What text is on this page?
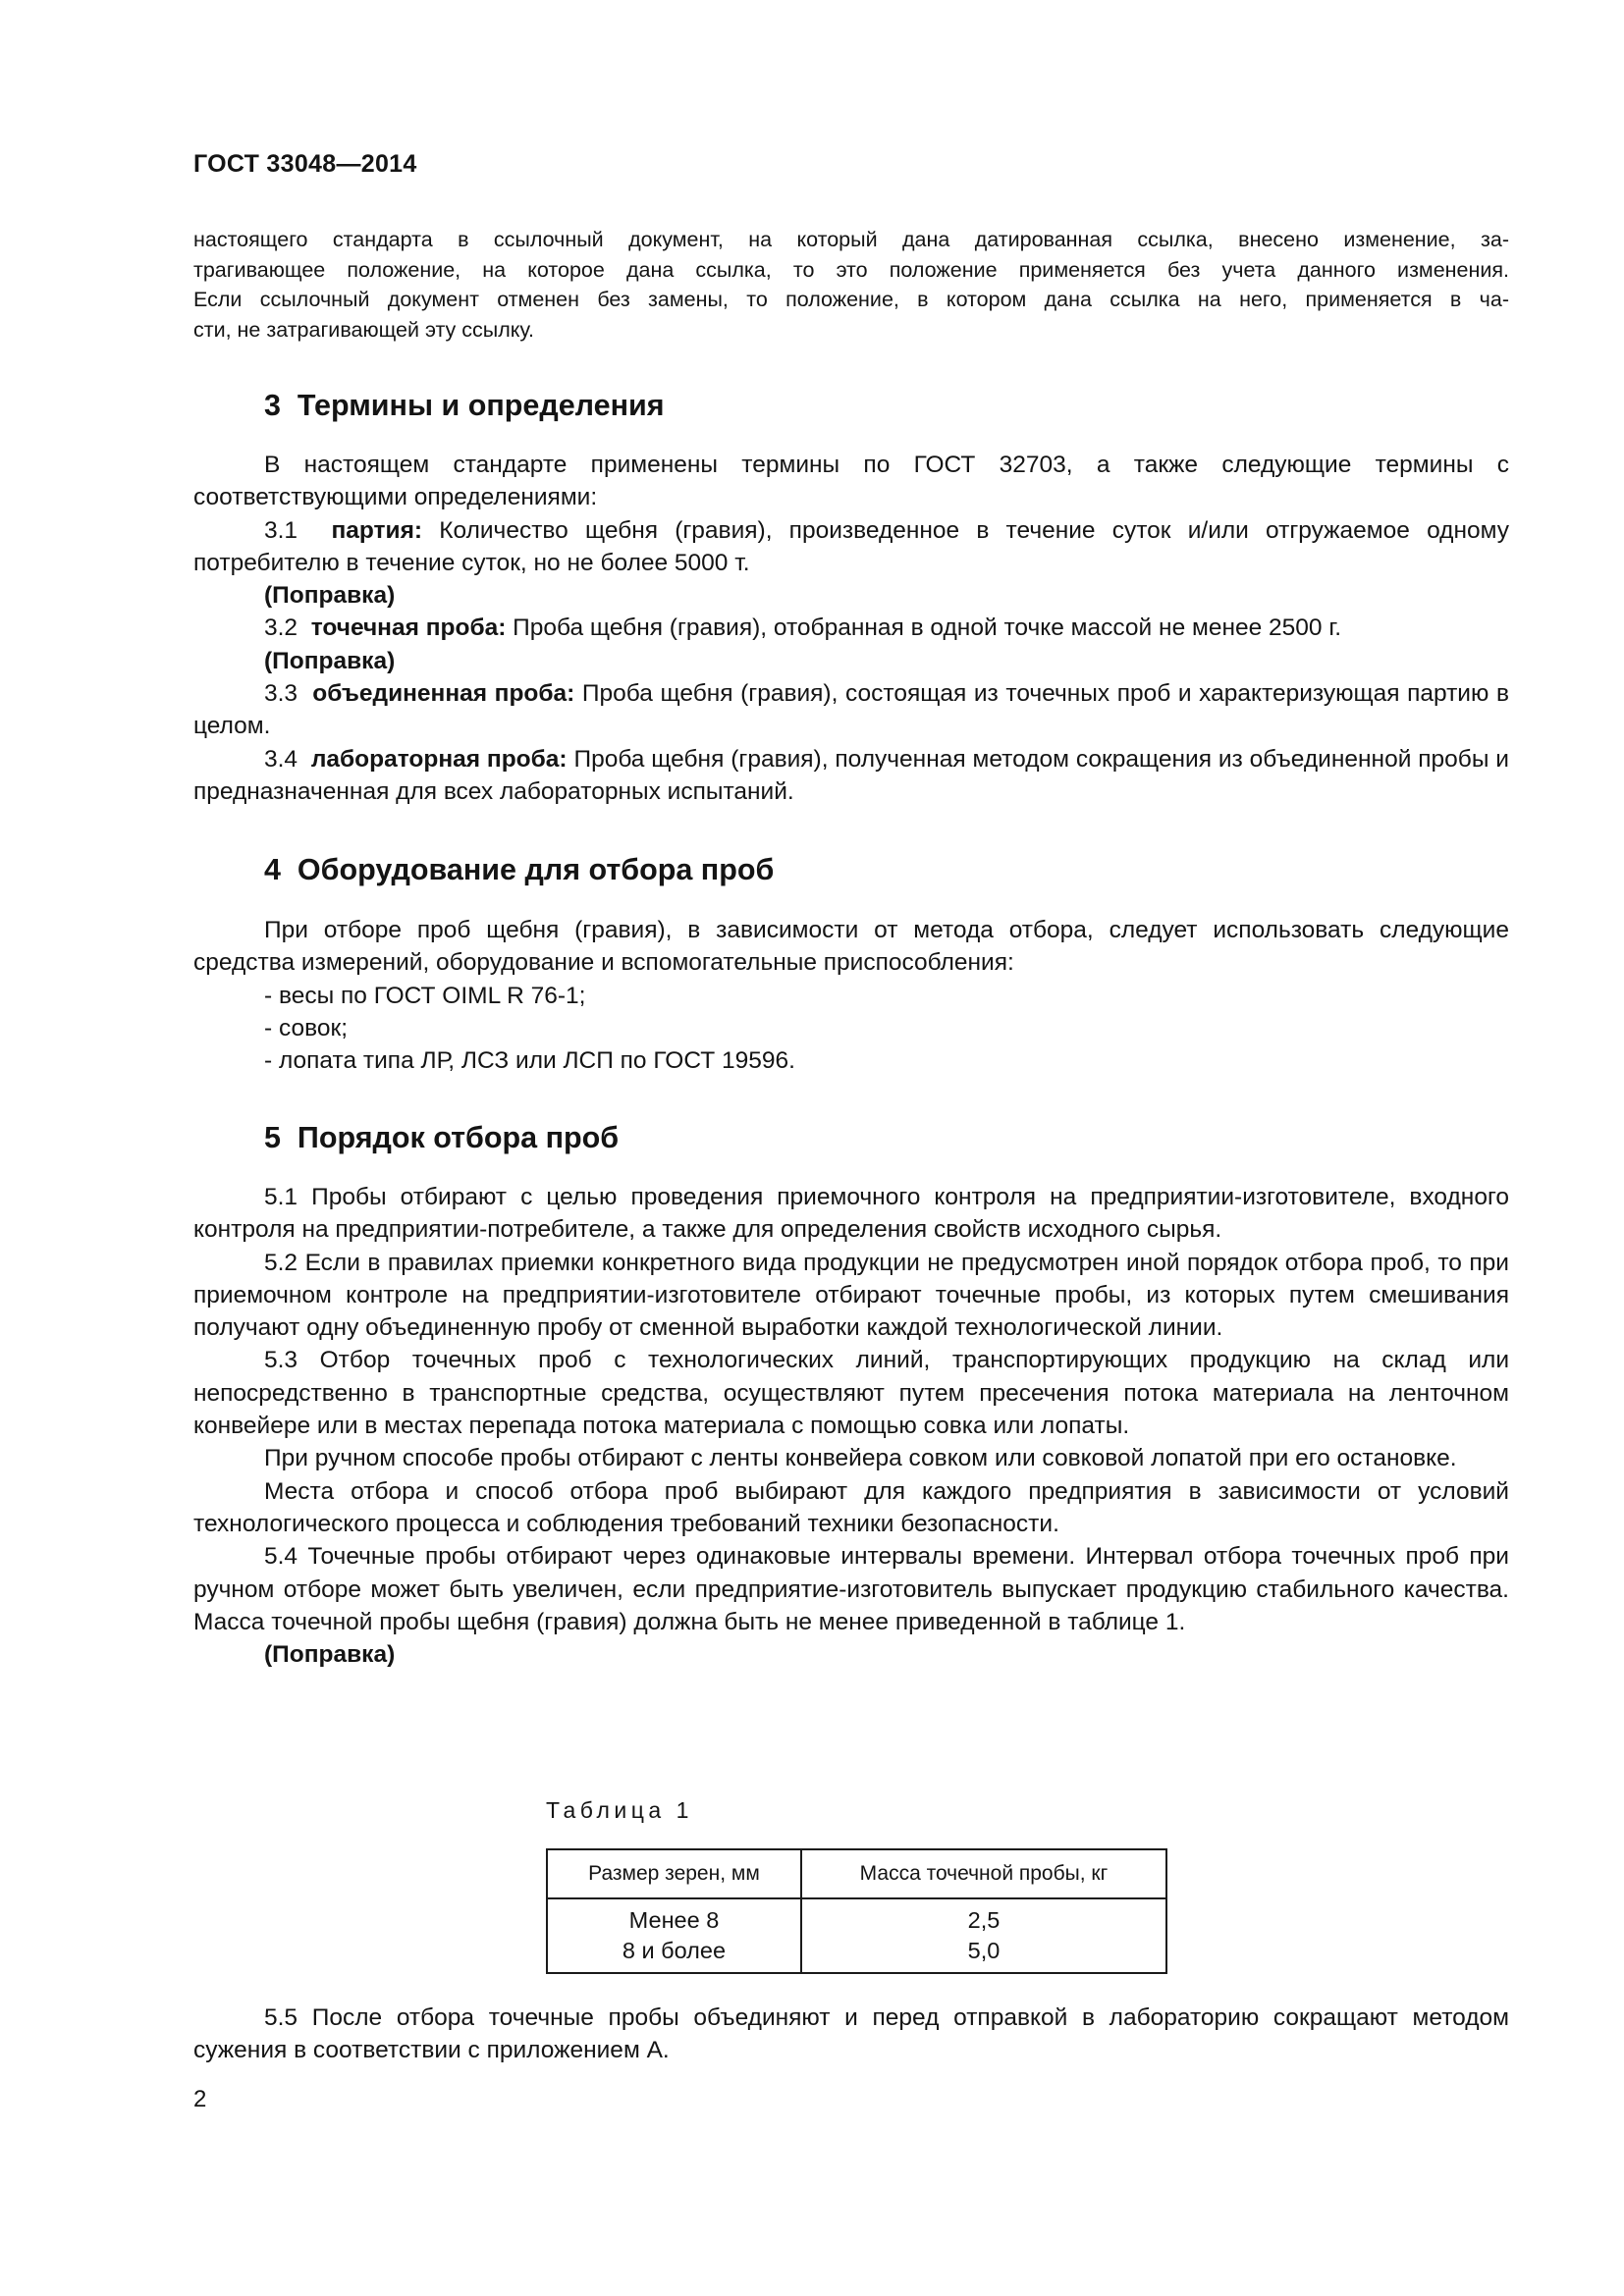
ГОСТ 33048—2014

настоящего стандарта в ссылочный документ, на который дана датированная ссылка, внесено изменение, за-

трагивающее положение, на которое дана ссылка, то это положение применяется без учета данного изменения.

Если ссылочный документ отменен без замены, то положение, в котором дана ссылка на него, применяется в ча-

сти, не затрагивающей эту ссылку.

3 Термины и определения

В настоящем стандарте применены термины по ГОСТ 32703, а также следующие термины с соответствующими определениями:

3.1 партия: Количество щебня (гравия), произведенное в течение суток и/или отгружаемое одному потребителю в течение суток, но не более 5000 т.

(Поправка)

3.2 точечная проба: Проба щебня (гравия), отобранная в одной точке массой не менее 2500 г.

(Поправка)

3.3 объединенная проба: Проба щебня (гравия), состоящая из точечных проб и характеризующая партию в целом.

3.4 лабораторная проба: Проба щебня (гравия), полученная методом сокращения из объединенной пробы и предназначенная для всех лабораторных испытаний.

4 Оборудование для отбора проб

При отборе проб щебня (гравия), в зависимости от метода отбора, следует использовать следующие средства измерений, оборудование и вспомогательные приспособления:

- весы по ГОСТ OIML R 76-1;

- совок;

- лопата типа ЛР, ЛСЗ или ЛСП по ГОСТ 19596.

5 Порядок отбора проб

5.1 Пробы отбирают с целью проведения приемочного контроля на предприятии-изготовителе, входного контроля на предприятии-потребителе, а также для определения свойств исходного сырья.

5.2 Если в правилах приемки конкретного вида продукции не предусмотрен иной порядок отбора проб, то при приемочном контроле на предприятии-изготовителе отбирают точечные пробы, из которых путем смешивания получают одну объединенную пробу от сменной выработки каждой технологической линии.

5.3 Отбор точечных проб с технологических линий, транспортирующих продукцию на склад или непосредственно в транспортные средства, осуществляют путем пресечения потока материала на ленточном конвейере или в местах перепада потока материала с помощью совка или лопаты.

При ручном способе пробы отбирают с ленты конвейера совком или совковой лопатой при его остановке.

Места отбора и способ отбора проб выбирают для каждого предприятия в зависимости от условий технологического процесса и соблюдения требований техники безопасности.

5.4 Точечные пробы отбирают через одинаковые интервалы времени. Интервал отбора точечных проб при ручном отборе может быть увеличен, если предприятие-изготовитель выпускает продукцию стабильного качества. Масса точечной пробы щебня (гравия) должна быть не менее приведенной в таблице 1.

(Поправка)

Таблица 1
Размер зерен, мм	Масса точечной пробы, кг
Менее 8	2,5
8 и более	5,0

5.5 После отбора точечные пробы объединяют и перед отправкой в лабораторию сокращают методом сужения в соответствии с приложением А.

2
